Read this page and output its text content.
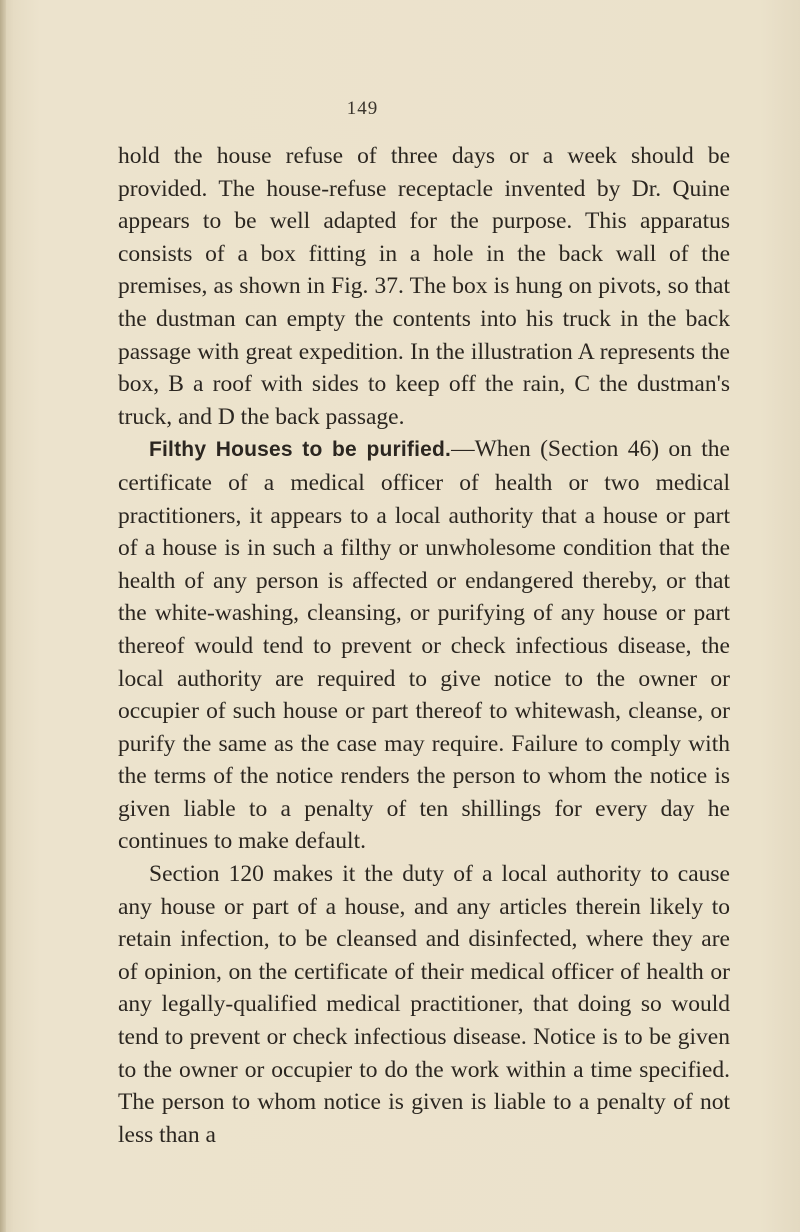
149

hold the house refuse of three days or a week should be provided. The house-refuse receptacle invented by Dr. Quine appears to be well adapted for the purpose. This apparatus consists of a box fitting in a hole in the back wall of the premises, as shown in Fig. 37. The box is hung on pivots, so that the dustman can empty the contents into his truck in the back passage with great expedition. In the illustration A represents the box, B a roof with sides to keep off the rain, C the dustman's truck, and D the back passage.

Filthy Houses to be purified.—When (Section 46) on the certificate of a medical officer of health or two medical practitioners, it appears to a local authority that a house or part of a house is in such a filthy or unwholesome condition that the health of any person is affected or endangered thereby, or that the white-washing, cleansing, or purifying of any house or part thereof would tend to prevent or check infectious disease, the local authority are required to give notice to the owner or occupier of such house or part thereof to whitewash, cleanse, or purify the same as the case may require. Failure to comply with the terms of the notice renders the person to whom the notice is given liable to a penalty of ten shillings for every day he continues to make default.

Section 120 makes it the duty of a local authority to cause any house or part of a house, and any articles therein likely to retain infection, to be cleansed and disinfected, where they are of opinion, on the certificate of their medical officer of health or any legally-qualified medical practitioner, that doing so would tend to prevent or check infectious disease. Notice is to be given to the owner or occupier to do the work within a time specified. The person to whom notice is given is liable to a penalty of not less than a
